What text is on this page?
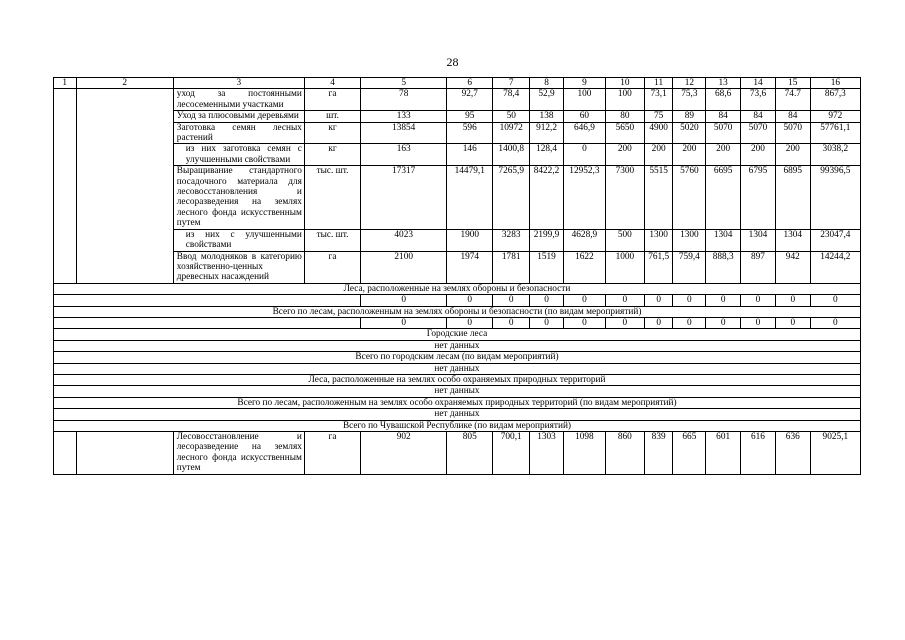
28
1	2	3	4	5	6	7	8	9	10	11	12	13	14	15	16
		уход за постоянными лесосеменными участками	га	78	92,7	78,4	52,9	100	100	73,1	75,3	68,6	73,6	74.7	867,3
		Уход за плюсовыми деревьями	шт.	133	95	50	138	60	80	75	89	84	84	84	972
		Заготовка семян лесных растений	кг	13854	596	10972	912,2	646,9	5650	4900	5020	5070	5070	5070	57761,1
		из них заготовка семян с улучшенными свойствами	кг	163	146	1400,8	128,4	0	200	200	200	200	200	200	3038,2
		Выращивание стандартного посадочного материала для лесовосстановления и лесоразведения на землях лесного фонда искусственным путем	тыс. шт.	17317	14479,1	7265,9	8422,2	12952,3	7300	5515	5760	6695	6795	6895	99396,5
		из них с улучшенными свойствами	тыс. шт.	4023	1900	3283	2199,9	4628,9	500	1300	1300	1304	1304	1304	23047,4
		Ввод молодняков в категорию хозяйственно-ценных древесных насаждений	га	2100	1974	1781	1519	1622	1000	761,5	759,4	888,3	897	942	14244,2
Леса, расположенные на землях обороны и безопасности															
				0	0	0	0	0	0	0	0	0	0	0	0
Всего по лесам, расположенным на землях обороны и безопасности (по видам мероприятий)															
				0	0	0	0	0	0	0	0	0	0	0	0
Городские леса															
нет данных															
Всего по городским лесам (по видам мероприятий)															
нет данных															
Леса, расположенные на землях особо охраняемых природных территорий															
нет данных															
Всего по лесам, расположенным на землях особо охраняемых природных территорий (по видам мероприятий)															
нет данных															
Всего по Чувашской Республике (по видам мероприятий)															
		Лесовосстановление и лесоразведение на землях лесного фонда искусственным путем	га	902	805	700,1	1303	1098	860	839	665	601	616	636	9025,1
